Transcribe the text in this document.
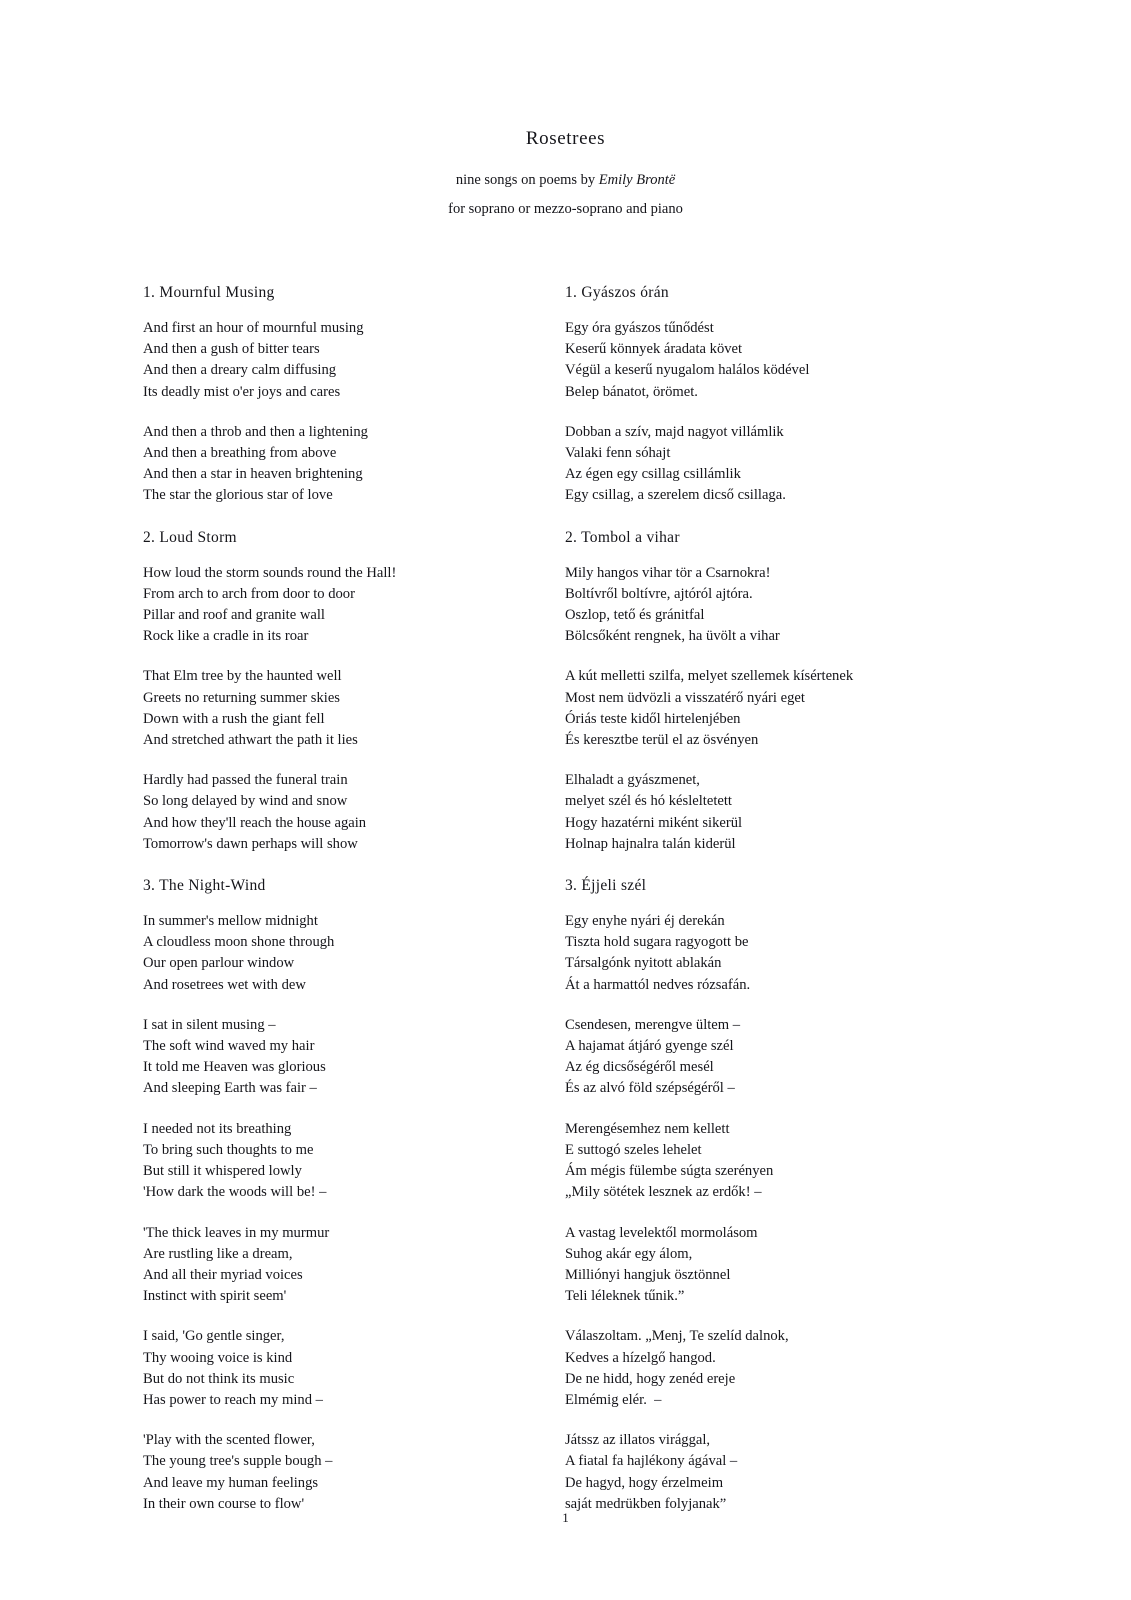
Rosetrees
nine songs on poems by Emily Brontë
for soprano or mezzo-soprano and piano
1. Mournful Musing
And first an hour of mournful musing
And then a gush of bitter tears
And then a dreary calm diffusing
Its deadly mist o'er joys and cares
And then a throb and then a lightening
And then a breathing from above
And then a star in heaven brightening
The star the glorious star of love
2. Loud Storm
How loud the storm sounds round the Hall!
From arch to arch from door to door
Pillar and roof and granite wall
Rock like a cradle in its roar
That Elm tree by the haunted well
Greets no returning summer skies
Down with a rush the giant fell
And stretched athwart the path it lies
Hardly had passed the funeral train
So long delayed by wind and snow
And how they'll reach the house again
Tomorrow's dawn perhaps will show
3. The Night-Wind
In summer's mellow midnight
A cloudless moon shone through
Our open parlour window
And rosetrees wet with dew
I sat in silent musing –
The soft wind waved my hair
It told me Heaven was glorious
And sleeping Earth was fair –
I needed not its breathing
To bring such thoughts to me
But still it whispered lowly
'How dark the woods will be! –
'The thick leaves in my murmur
Are rustling like a dream,
And all their myriad voices
Instinct with spirit seem'
I said, 'Go gentle singer,
Thy wooing voice is kind
But do not think its music
Has power to reach my mind –
'Play with the scented flower,
The young tree's supple bough –
And leave my human feelings
In their own course to flow'
1. Gyászos órán
Egy óra gyászos tűnődést
Keserű könnyek áradata követ
Végül a keserű nyugalom halálos ködével
Belep bánatot, örömet.
Dobban a szív, majd nagyot villámlik
Valaki fenn sóhajt
Az égen egy csillag csillámlik
Egy csillag, a szerelem dicső csillaga.
2. Tombol a vihar
Mily hangos vihar tör a Csarnokra!
Boltívről boltívre, ajtóról ajtóra.
Oszlop, tető és gránitfal
Bölcsőként rengnek, ha üvölt a vihar
A kút melletti szilfa, melyet szellemek kísértenek
Most nem üdvözli a visszatérő nyári eget
Óriás teste kidől hirtelenjében
És keresztbe terül el az ösvényen
Elhaladt a gyászmenet,
melyet szél és hó késleltetett
Hogy hazatérni miként sikerül
Holnap hajnalra talán kiderül
3. Éjjeli szél
Egy enyhe nyári éj derekán
Tiszta hold sugara ragyogott be
Társalgónk nyitott ablakán
Át a harmattól nedves rózsafán.
Csendesen, merengve ültem –
A hajamat átjáró gyenge szél
Az ég dicsőségéről mesél
És az alvó föld szépségéről –
Merengésemhez nem kellett
E suttogó szeles lehelet
Ám mégis fülembe súgta szerényen
„Mily sötétek lesznek az erdők! –
A vastag levelektől mormolásom
Suhog akár egy álom,
Milliónyi hangjuk ösztönnel
Teli léleknek tűnik.”
Válaszoltam. „Menj, Te szelíd dalnok,
Kedves a hízelgő hangod.
De ne hidd, hogy zenéd ereje
Elmémig elér.  –
Játssz az illatos virággal,
A fiatal fa hajlékony ágával –
De hagyd, hogy érzelmeim
saját medrükben folyjanak”
1
